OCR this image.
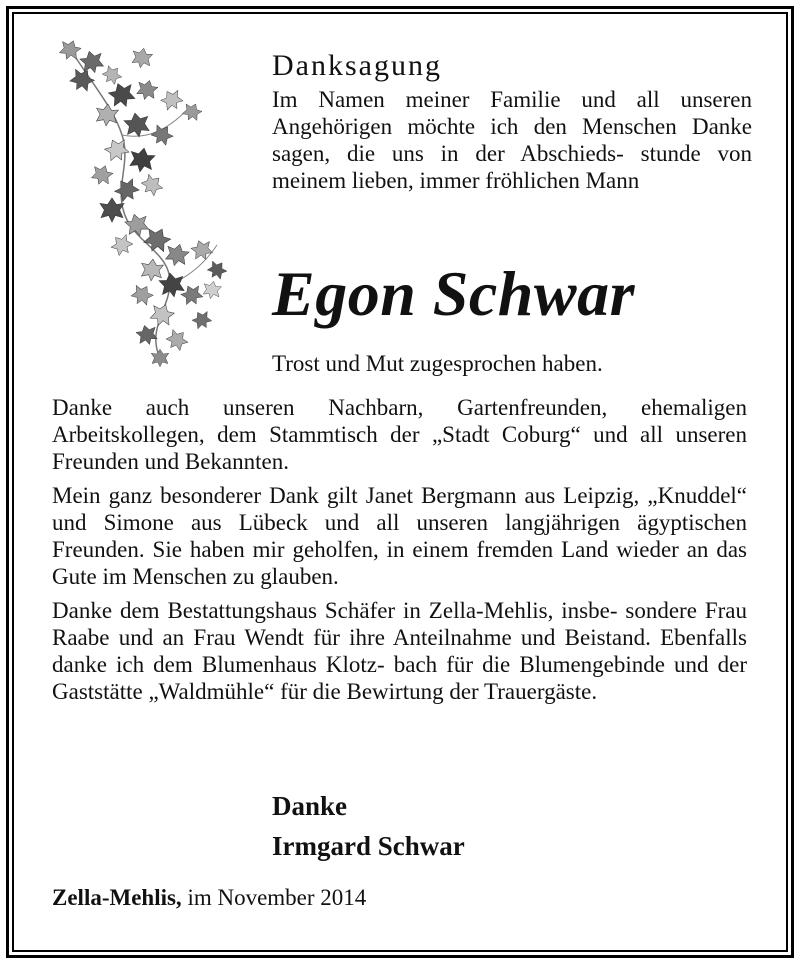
Danksagung

Im Namen meiner Familie und all unseren Angehörigen möchte ich den Menschen Danke sagen, die uns in der Abschieds- stunde von meinem lieben, immer fröhlichen Mann

Egon Schwar
Trost und Mut zugesprochen haben.

Danke auch unseren Nachbarn, Gartenfreunden, ehemaligen Arbeitskollegen, dem Stammtisch der „Stadt Coburg“ und all unseren Freunden und Bekannten.

Mein ganz besonderer Dank gilt Janet Bergmann aus Leipzig, „Knuddel“ und Simone aus Lübeck und all unseren langjährigen ägyptischen Freunden. Sie haben mir geholfen, in einem fremden Land wieder an das Gute im Menschen zu glauben.

Danke dem Bestattungshaus Schäfer in Zella-Mehlis, insbe- sondere Frau Raabe und an Frau Wendt für ihre Anteilnahme und Beistand. Ebenfalls danke ich dem Blumenhaus Klotz- bach für die Blumengebinde und der Gaststätte „Waldmühle“ für die Bewirtung der Trauergäste.

Danke
Irmgard Schwar
Zella-Mehlis, im November 2014
